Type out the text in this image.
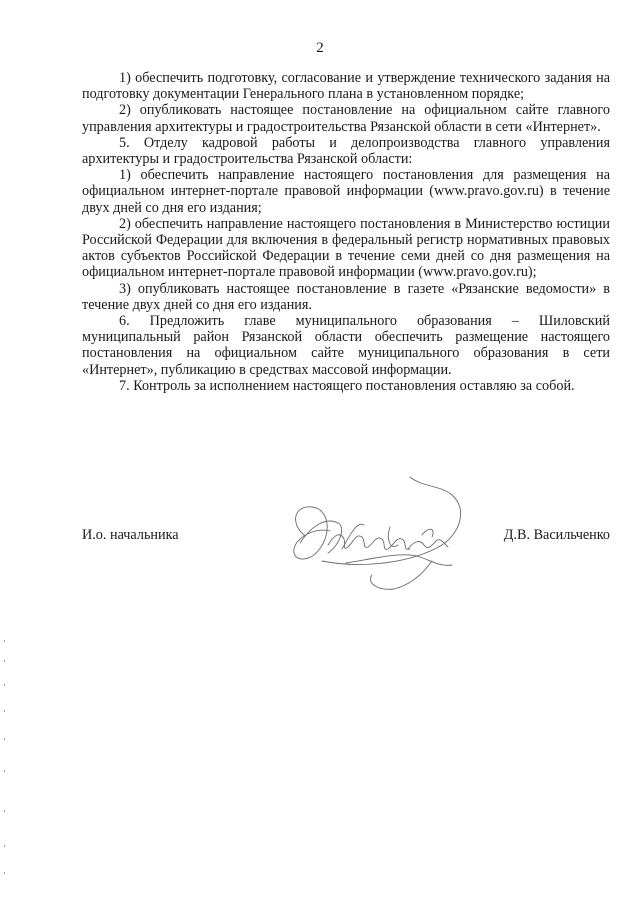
2

1) обеспечить подготовку, согласование и утверждение технического задания на подготовку документации Генерального плана в установленном порядке;

2) опубликовать настоящее постановление на официальном сайте главного управления архитектуры и градостроительства Рязанской области в сети «Интернет».

5. Отделу кадровой работы и делопроизводства главного управления архитектуры и градостроительства Рязанской области:

1) обеспечить направление настоящего постановления для размещения на официальном интернет-портале правовой информации (www.pravo.gov.ru) в течение двух дней со дня его издания;

2) обеспечить направление настоящего постановления в Министерство юстиции Российской Федерации для включения в федеральный регистр нормативных правовых актов субъектов Российской Федерации в течение семи дней со дня размещения на официальном интернет-портале правовой информации (www.pravo.gov.ru);

3) опубликовать настоящее постановление в газете «Рязанские ведомости» в течение двух дней со дня его издания.

6. Предложить главе муниципального образования – Шиловский муниципальный район Рязанской области обеспечить размещение настоящего постановления на официальном сайте муниципального образования в сети «Интернет», публикацию в средствах массовой информации.

7. Контроль за исполнением настоящего постановления оставляю за собой.

И.о. начальника	Д.В. Васильченко
